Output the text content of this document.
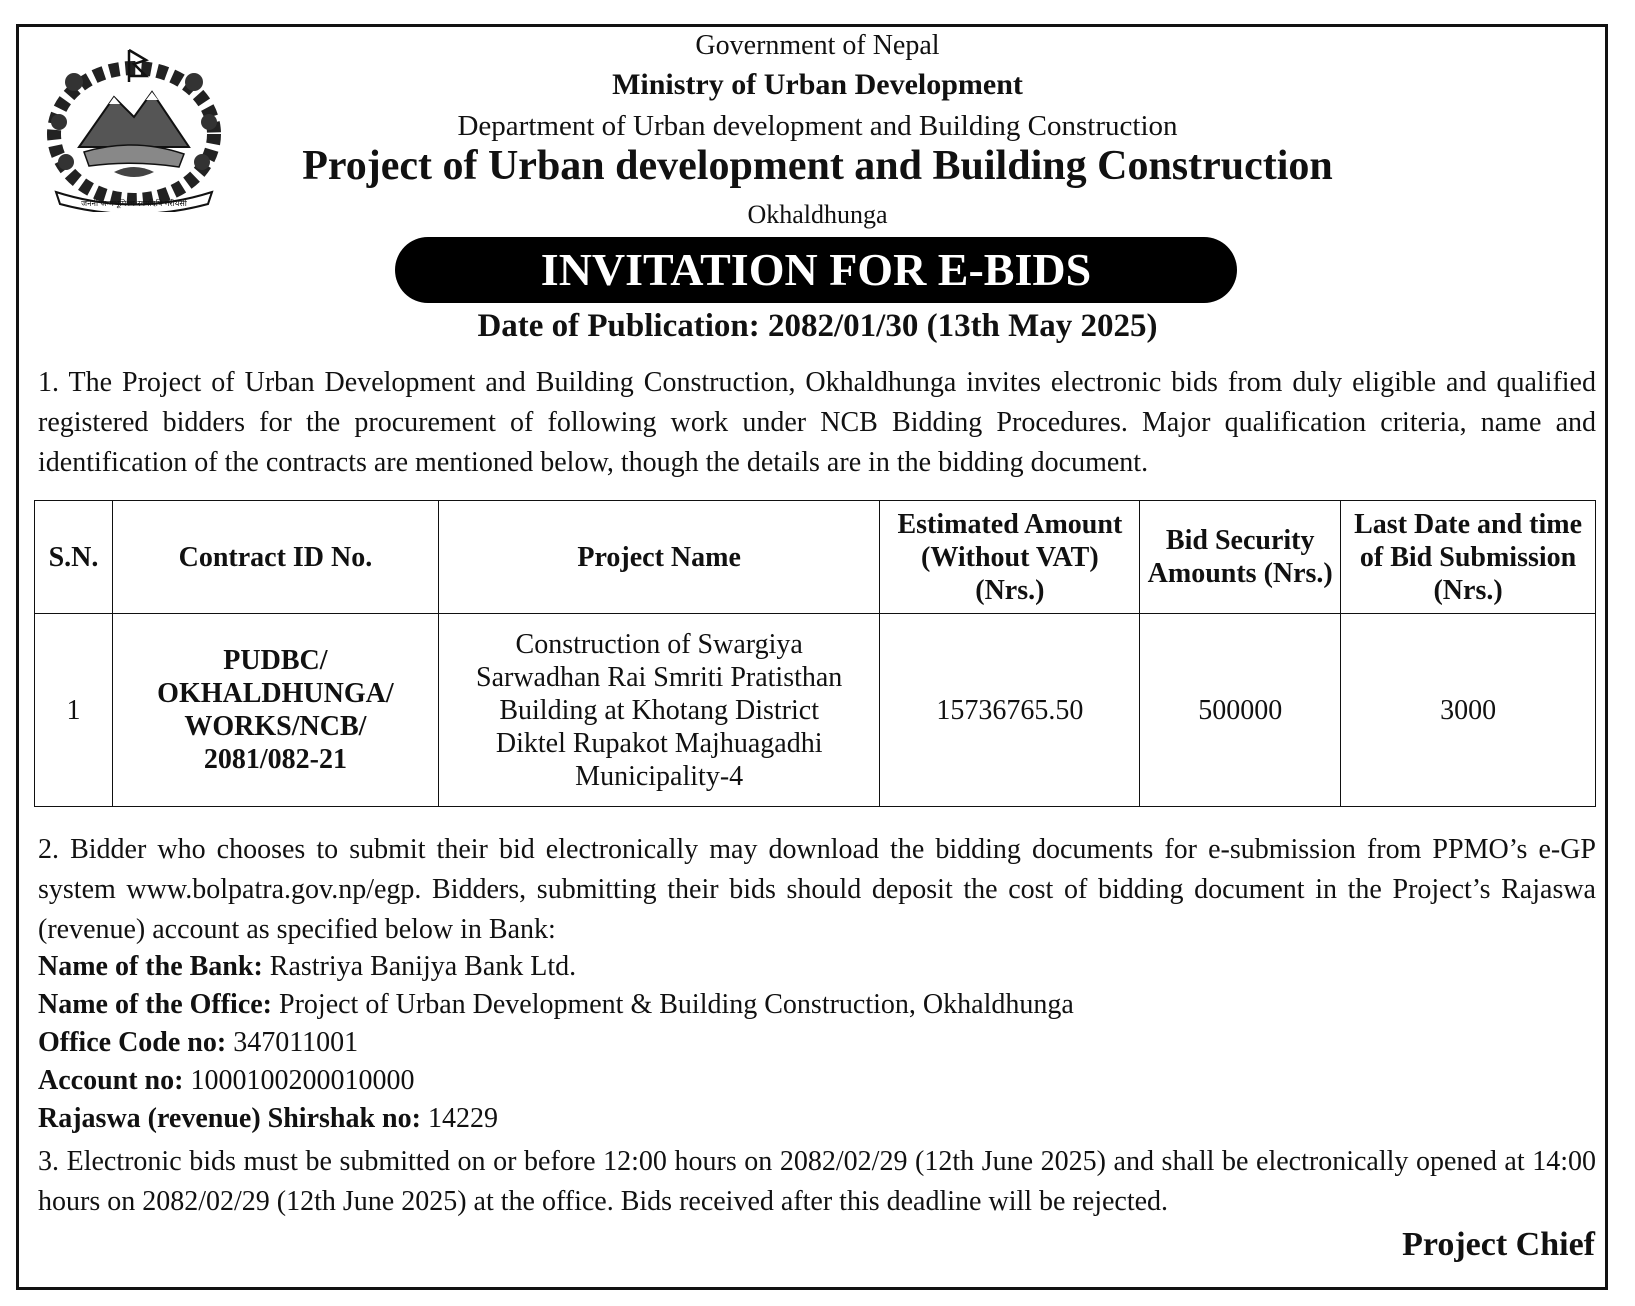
जननी जन्मभूमिश्च स्वर्गादपि गरीयसी
Government of Nepal
Ministry of Urban Development
Department of Urban development and Building Construction
Project of Urban development and Building Construction
Okhaldhunga
INVITATION FOR E-BIDS
Date of Publication: 2082/01/30 (13th May 2025)
1. The Project of Urban Development and Building Construction, Okhaldhunga invites electronic bids from duly eligible and qualified registered bidders for the procurement of following work under NCB Bidding Procedures. Major qualification criteria, name and identification of the contracts are mentioned below, though the details are in the bidding document.
S.N.	Contract ID No.	Project Name	Estimated Amount (Without VAT) (Nrs.)	Bid Security Amounts (Nrs.)	Last Date and time of Bid Submission (Nrs.)
1	PUDBC/ OKHALDHUNGA/ WORKS/NCB/ 2081/082-21	Construction of Swargiya Sarwadhan Rai Smriti Pratisthan Building at Khotang District Diktel Rupakot Majhuagadhi Municipality-4	15736765.50	500000	3000
2. Bidder who chooses to submit their bid electronically may download the bidding documents for e-submission from PPMO’s e-GP system www.bolpatra.gov.np/egp. Bidders, submitting their bids should deposit the cost of bidding document in the Project’s Rajaswa (revenue) account as specified below in Bank:
Name of the Bank: Rastriya Banijya Bank Ltd.
Name of the Office: Project of Urban Development & Building Construction, Okhaldhunga
Office Code no: 347011001
Account no: 1000100200010000
Rajaswa (revenue) Shirshak no: 14229
3. Electronic bids must be submitted on or before 12:00 hours on 2082/02/29 (12th June 2025) and shall be electronically opened at 14:00 hours on 2082/02/29 (12th June 2025) at the office. Bids received after this deadline will be rejected.
Project Chief
